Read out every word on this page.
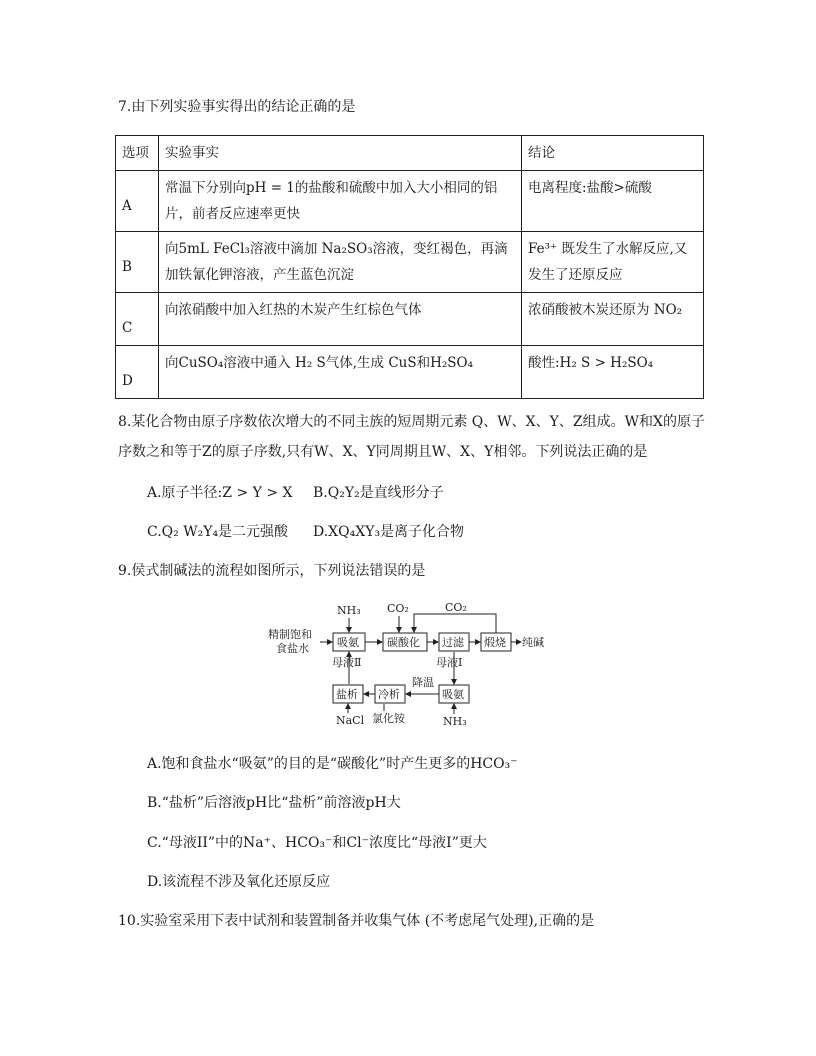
7.由下列实验事实得出的结论正确的是
选项	实验事实	结论
A	常温下分别向pH = 1的盐酸和硫酸中加入大小相同的铝片，前者反应速率更快	电离程度:盐酸>硫酸
B	向5mL FeCl₃溶液中滴加 Na₂SO₃溶液，变红褐色，再滴加铁氰化钾溶液，产生蓝色沉淀	Fe³⁺ 既发生了水解反应,又发生了还原反应
C	向浓硝酸中加入红热的木炭产生红棕色气体	浓硝酸被木炭还原为 NO₂
D	向CuSO₄溶液中通入 H₂ S气体,生成 CuS和H₂SO₄	酸性:H₂ S > H₂SO₄
8.某化合物由原子序数依次增大的不同主族的短周期元素 Q、W、X、Y、Z组成。W和X的原子序数之和等于Z的原子序数,只有W、X、Y同周期且W、X、Y相邻。下列说法正确的是
A.原子半径:Z > Y > X B.Q₂Y₂是直线形分子
C.Q₂ W₂Y₄是二元强酸 D.XQ₄XY₃是离子化合物
9.侯式制碱法的流程如图所示，下列说法错误的是
精制饱和
食盐水	吸氨
NH₃
碳酸化
CO₂
过滤 煅烧 纯碱
CO₂
母液Ⅱ	母液Ⅰ
盐析 冷析	吸氨
降温
NaCl 氯化铵	NH₃
A.饱和食盐水“吸氨”的目的是“碳酸化”时产生更多的HCO₃⁻
B.“盐析”后溶液pH比“盐析”前溶液pH大
C.“母液II”中的Na⁺、HCO₃⁻和Cl⁻浓度比“母液I”更大
D.该流程不涉及氧化还原反应
10.实验室采用下表中试剂和装置制备并收集气体 (不考虑尾气处理),正确的是
